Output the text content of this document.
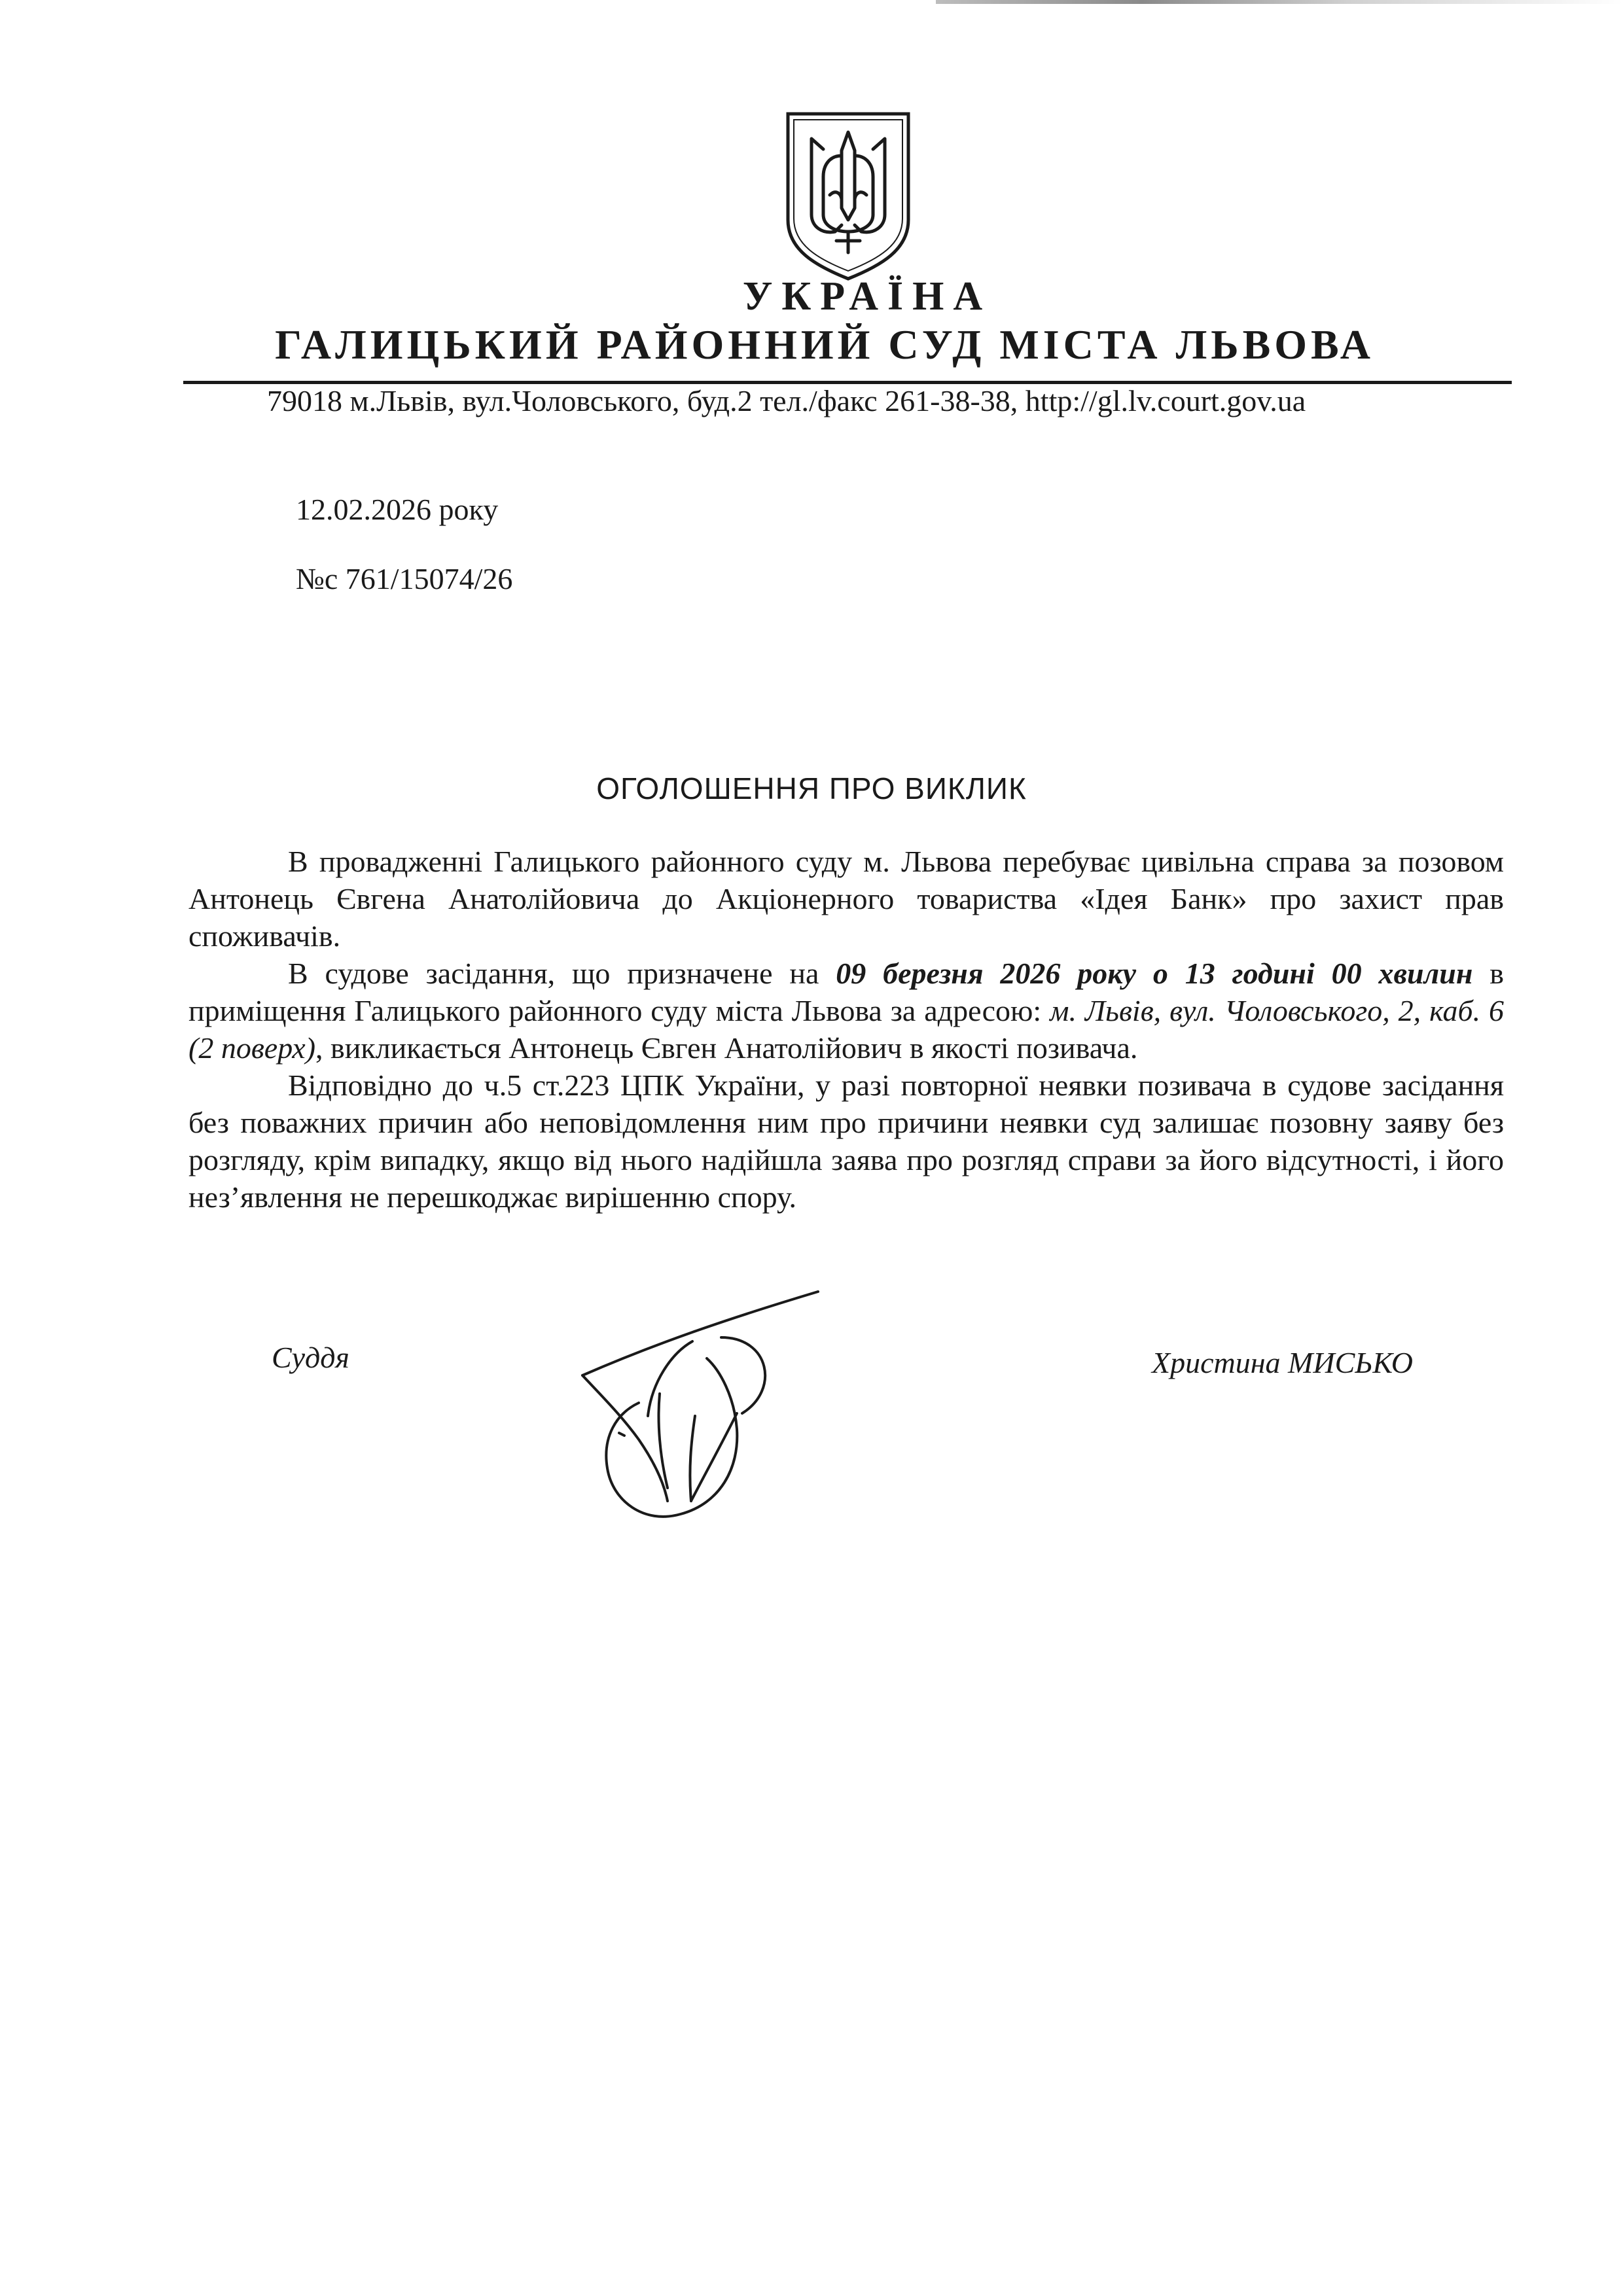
УКРАЇНА
ГАЛИЦЬКИЙ РАЙОННИЙ СУД МІСТА ЛЬВОВА
79018 м.Львів, вул.Чоловського, буд.2 тел./факс 261-38-38, http://gl.lv.court.gov.ua
12.02.2026 року
№с 761/15074/26
ОГОЛОШЕННЯ ПРО ВИКЛИК

В провадженні Галицького районного суду м. Львова перебуває цивільна справа за позовом Антонець Євгена Анатолійовича до Акціонерного товариства «Ідея Банк» про захист прав споживачів.

В судове засідання, що призначене на 09 березня 2026 року о 13 годині 00 хвилин в приміщення Галицького районного суду міста Львова за адресою: м. Львів, вул. Чоловського, 2, каб. 6 (2 поверх), викликається Антонець Євген Анатолійович в якості позивача.

Відповідно до ч.5 ст.223 ЦПК України, у разі повторної неявки позивача в судове засідання без поважних причин або неповідомлення ним про причини неявки суд залишає позовну заяву без розгляду, крім випадку, якщо від нього надійшла заява про розгляд справи за його відсутності, і його нез’явлення не перешкоджає вирішенню спору.

Суддя	Христина МИСЬКО
